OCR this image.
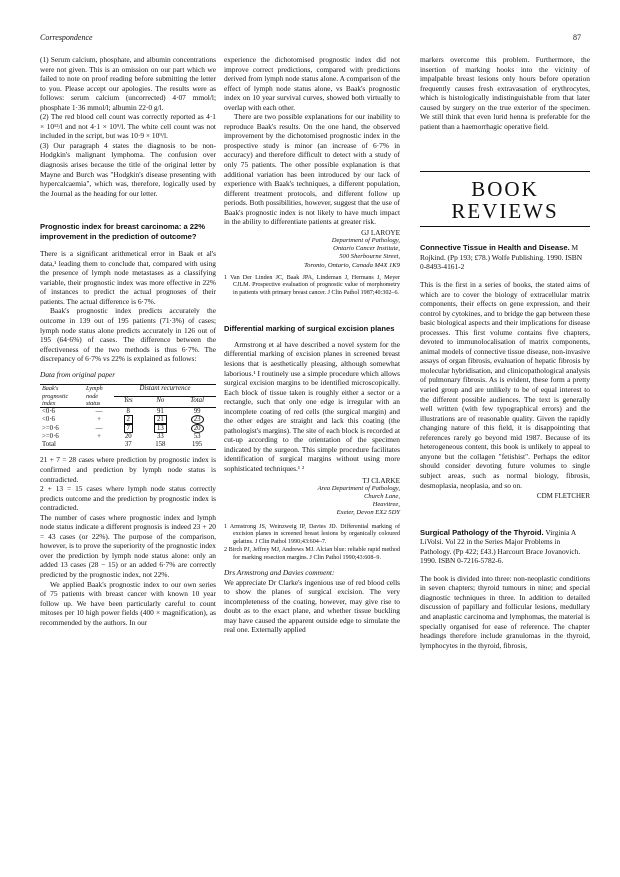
Correspondence	87

(1) Serum calcium, phosphate, and albumin concentrations were not given. This is an omission on our part which we failed to note on proof reading before submitting the letter to you. Please accept our apologies. The results were as follows: serum calcium (uncorrected) 4·07 mmol/l; phosphate 1·36 mmol/l; albumin 22·0 g/l.

(2) The red blood cell count was correctly reported as 4·1 × 10¹²/l and not 4·1 × 10⁹/l. The white cell count was not included in the script, but was 10·9 × 10⁹/l.

(3) Our paragraph 4 states the diagnosis to be non-Hodgkin's malignant lymphoma. The confusion over diagnosis arises because the title of the original letter by Mayne and Burch was "Hodgkin's disease presenting with hypercalcaemia", which was, therefore, logically used by the Journal as the heading for our letter.

Prognostic index for breast carcinoma: a 22% improvement in the prediction of outcome?

There is a significant arithmetical error in Baak et al's data,¹ leading them to conclude that, compared with using the presence of lymph node metastases as a classifying variable, their prognostic index was more effective in 22% of instances to predict the actual prognoses of their patients. The actual difference is 6·7%.

Baak's prognostic index predicts accurately the outcome in 139 out of 195 patients (71·3%) of cases; lymph node status alone predicts accurately in 126 out of 195 (64·6%) of cases. The difference between the effectiveness of the two methods is thus 6·7%. The discrepancy of 6·7% vs 22% is explained as follows:

Data from original paper

Baak's prognostic index	Lymph node status	Distant recurrence		
		Yes	No	Total
<0·6	—	8	91	99
<0·6	+	2	21	23
>=0·6	—	7	13	20
>=0·6	+	20	33	53
Total		37	158	195

21 + 7 = 28 cases where prediction by prognostic index is confirmed and prediction by lymph node status is contradicted.

2 + 13 = 15 cases where lymph node status correctly predicts outcome and the prediction by prognostic index is contradicted.

The number of cases where prognostic index and lymph node status indicate a different prognosis is indeed 23 + 20 = 43 cases (or 22%). The purpose of the comparison, however, is to prove the superiority of the prognostic index over the prediction by lymph node status alone: only an added 13 cases (28 − 15) or an added 6·7% are correctly predicted by the prognostic index, not 22%.

We applied Baak's prognostic index to our own series of 75 patients with breast cancer with known 10 year follow up. We have been particularly careful to count mitoses per 10 high power fields (400 × magnification), as recommended by the authors. In our

experience the dichotomised prognostic index did not improve correct predictions, compared with predictions derived from lymph node status alone. A comparison of the effect of lymph node status alone, vs Baak's prognostic index on 10 year survival curves, showed both virtually to overlap with each other.

There are two possible explanations for our inability to reproduce Baak's results. On the one hand, the observed improvement by the dichotomised prognostic index in the prospective study is minor (an increase of 6·7% in accuracy) and therefore difficult to detect with a study of only 75 patients. The other possible explanation is that additional variation has been introduced by our lack of experience with Baak's techniques, a different population, different treatment protocols, and different follow up periods. Both possibilities, however, suggest that the use of Baak's prognostic index is not likely to have much impact in the ability to differentiate patients at greater risk.

GJ LAROYE
Department of Pathology,
Ontario Cancer Institute,
500 Sherbourne Street,
Toronto, Ontario, Canada M4X 1K9

1 Van Der Linden JC, Baak JPA, Lindeman J, Hermans J, Meyer CJLM. Prospective evaluation of prognostic value of morphometry in patients with primary breast cancer. J Clin Pathol 1987;40:302–6.

Differential marking of surgical excision planes

Armstrong et al have described a novel system for the differential marking of excision planes in screened breast lesions that is aesthetically pleasing, although somewhat laborious.¹ I routinely use a simple procedure which allows surgical excision margins to be identified microscopically. Each block of tissue taken is roughly either a sector or a rectangle, such that only one edge is irregular with an incomplete coating of red cells (the surgical margin) and the other edges are straight and lack this coating (the pathologist's margins). The site of each block is recorded at cut-up according to the orientation of the specimen indicated by the surgeon. This simple procedure facilitates identification of surgical margins without using more sophisticated techniques.¹ ²

TJ CLARKE
Area Department of Pathology,
Church Lane,
Heavitree,
Exeter, Devon EX2 5DY

1 Armstrong JS, Weinzweig IP, Davies JD. Differential marking of excision planes in screened breast lesions by organically coloured gelatins. J Clin Pathol 1990;43:604–7.

2 Birch PJ, Jeffrey MJ, Andrews MJ. Alcian blue: reliable rapid method for marking resection margins. J Clin Pathol 1990;43:608–9.

Drs Armstrong and Davies comment:

We appreciate Dr Clarke's ingenious use of red blood cells to show the planes of surgical excision. The very incompleteness of the coating, however, may give rise to doubt as to the exact plane, and whether tissue buckling may have caused the apparent outside edge to simulate the real one. Externally applied

markers overcome this problem. Furthermore, the insertion of marking hooks into the vicinity of impalpable breast lesions only hours before operation frequently causes fresh extravasation of erythrocytes, which is histologically indistinguishable from that later caused by surgery on the true exterior of the specimen. We still think that even lurid henna is preferable for the patient than a haemorrhagic operative field.

BOOK
REVIEWS

Connective Tissue in Health and Disease. M Rojkind. (Pp 193; £78.) Wolfe Publishing. 1990. ISBN 0-8493-4161-2

This is the first in a series of books, the stated aims of which are to cover the biology of extracellular matrix components, their effects on gene expression, and their control by cytokines, and to bridge the gap between these basic biological aspects and their implications for disease processes. This first volume contains five chapters, devoted to immunolocalisation of matrix components, animal models of connective tissue disease, non-invasive assays of organ fibrosis, evaluation of hepatic fibrosis by molecular hybridisation, and clinicopathological analysis of pulmonary fibrosis. As is evident, these form a pretty varied group and are unlikely to be of equal interest to the different possible audiences. The text is generally well written (with few typographical errors) and the illustrations are of reasonable quality. Given the rapidly changing nature of this field, it is disappointing that references rarely go beyond mid 1987. Because of its heterogeneous content, this book is unlikely to appeal to anyone but the collagen "fetishist". Perhaps the editor should consider devoting future volumes to single subject areas, such as normal biology, fibrosis, desmoplasia, neoplasia, and so on.

CDM FLETCHER

Surgical Pathology of the Thyroid. Virginia A LiVolsi. Vol 22 in the Series Major Problems in Pathology. (Pp 422; £43.) Harcourt Brace Jovanovich. 1990. ISBN 0-7216-5782-6.

The book is divided into three: non-neoplastic conditions in seven chapters; thyroid tumours in nine; and special diagnostic techniques in three. In addition to detailed discussion of papillary and follicular lesions, medullary and anaplastic carcinoma and lymphomas, the material is specially organised for ease of reference. The chapter headings therefore include granulomas in the thyroid, lymphocytes in the thyroid, fibrosis,
